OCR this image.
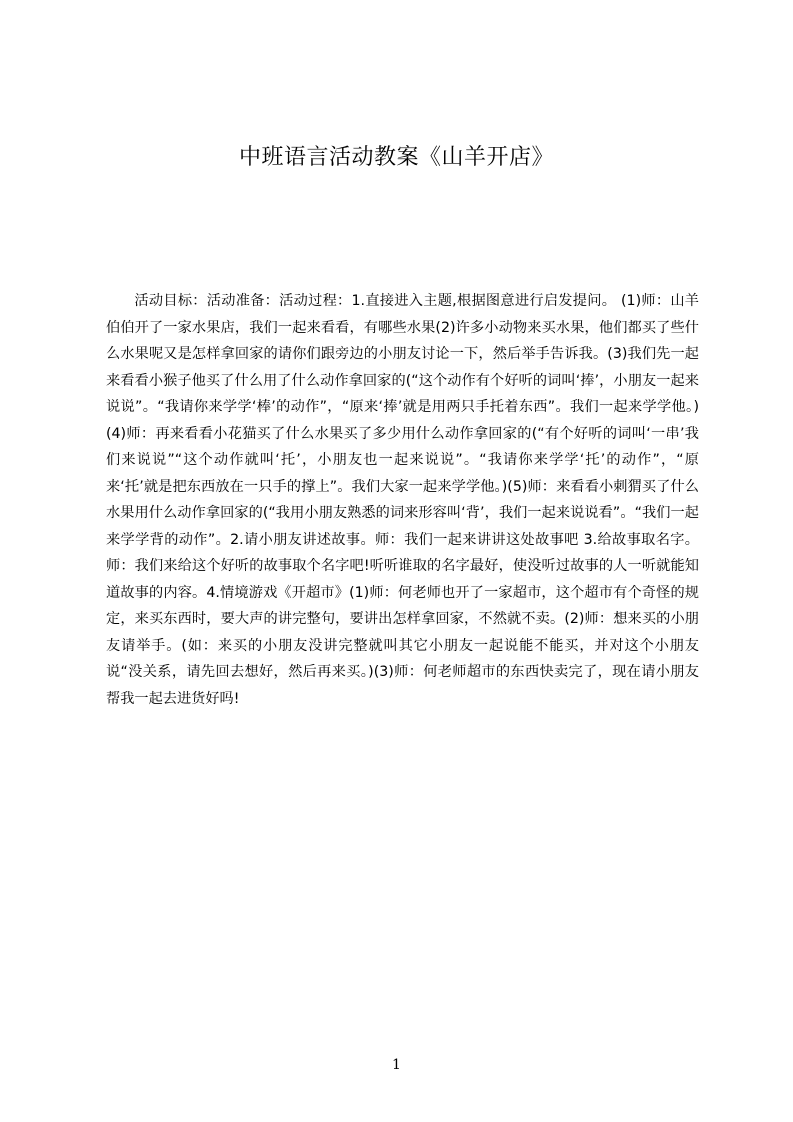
中班语言活动教案《山羊开店》

活动目标：活动准备：活动过程：1.直接进入主题,根据图意进行启发提问。 (1)师：山羊伯伯开了一家水果店，我们一起来看看，有哪些水果(2)许多小动物来买水果，他们都买了些什么水果呢又是怎样拿回家的请你们跟旁边的小朋友讨论一下，然后举手告诉我。(3)我们先一起来看看小猴子他买了什么用了什么动作拿回家的(“这个动作有个好听的词叫‘捧’，小朋友一起来说说”。“我请你来学学‘棒’的动作”，“原来‘捧’就是用两只手托着东西”。我们一起来学学他。)(4)师：再来看看小花猫买了什么水果买了多少用什么动作拿回家的(“有个好听的词叫‘一串’我们来说说”“这个动作就叫‘托’，小朋友也一起来说说”。“我请你来学学‘托’的动作”，“原来‘托’就是把东西放在一只手的撑上”。我们大家一起来学学他。)(5)师：来看看小刺猬买了什么水果用什么动作拿回家的(“我用小朋友熟悉的词来形容叫‘背’，我们一起来说说看”。“我们一起来学学背的动作”。2.请小朋友讲述故事。师：我们一起来讲讲这处故事吧 3.给故事取名字。师：我们来给这个好听的故事取个名字吧!听听谁取的名字最好，使没听过故事的人一听就能知道故事的内容。4.情境游戏《开超市》(1)师：何老师也开了一家超市，这个超市有个奇怪的规定，来买东西时，要大声的讲完整句，要讲出怎样拿回家，不然就不卖。(2)师：想来买的小朋友请举手。(如：来买的小朋友没讲完整就叫其它小朋友一起说能不能买，并对这个小朋友说“没关系，请先回去想好，然后再来买。)(3)师：何老师超市的东西快卖完了，现在请小朋友帮我一起去进货好吗!

1
